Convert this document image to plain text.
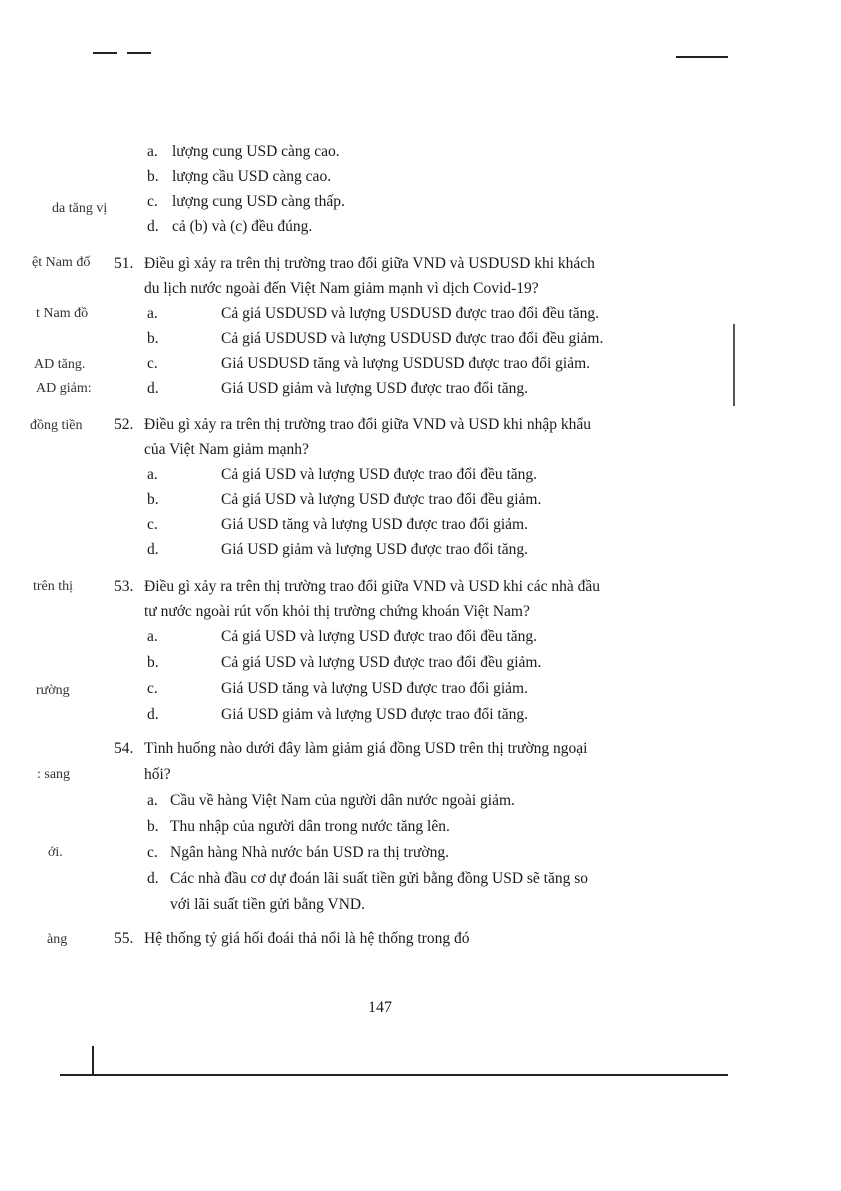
da tăng vị
ệt Nam đố
t Nam đồ
AD tăng.
AD giảm:
đồng tiền
trên thị
rường
: sang
ới.
àng
a. lượng cung USD càng cao.
b. lượng cầu USD càng cao.
c. lượng cung USD càng thấp.
d. cả (b) và (c) đều đúng.
51. Điều gì xảy ra trên thị trường trao đổi giữa VND và USDUSD khi khách
du lịch nước ngoài đến Việt Nam giảm mạnh vì dịch Covid-19?
a.	Cả giá USDUSD và lượng USDUSD được trao đổi đều tăng.
b.	Cả giá USDUSD và lượng USDUSD được trao đổi đều giảm.
c.	Giá USDUSD tăng và lượng USDUSD được trao đổi giảm.
d.	Giá USD giảm và lượng USD được trao đổi tăng.
52. Điều gì xảy ra trên thị trường trao đổi giữa VND và USD khi nhập khẩu
của Việt Nam giảm mạnh?
a.	Cả giá USD và lượng USD được trao đổi đều tăng.
b.	Cả giá USD và lượng USD được trao đổi đều giảm.
c.	Giá USD tăng và lượng USD được trao đổi giảm.
d.	Giá USD giảm và lượng USD được trao đổi tăng.
53. Điều gì xảy ra trên thị trường trao đổi giữa VND và USD khi các nhà đầu
tư nước ngoài rút vốn khỏi thị trường chứng khoán Việt Nam?
a.	Cả giá USD và lượng USD được trao đổi đều tăng.
b.	Cả giá USD và lượng USD được trao đổi đều giảm.
c.	Giá USD tăng và lượng USD được trao đổi giảm.
d.	Giá USD giảm và lượng USD được trao đổi tăng.
54. Tình huống nào dưới đây làm giảm giá đồng USD trên thị trường ngoại
hối?
a. Cầu về hàng Việt Nam của người dân nước ngoài giảm.
b. Thu nhập của người dân trong nước tăng lên.
c. Ngân hàng Nhà nước bán USD ra thị trường.
d. Các nhà đầu cơ dự đoán lãi suất tiền gửi bằng đồng USD sẽ tăng so
với lãi suất tiền gửi bằng VND.
55. Hệ thống tỷ giá hối đoái thả nổi là hệ thống trong đó
147
